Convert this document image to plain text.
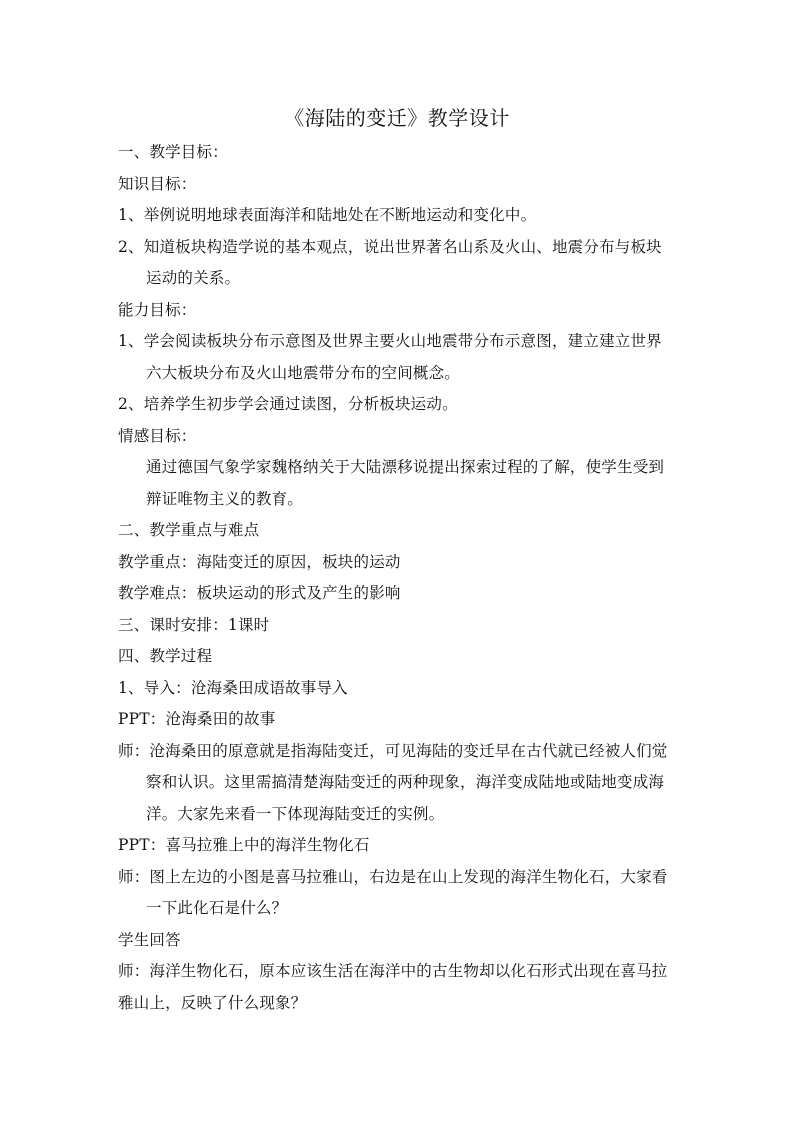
《海陆的变迁》教学设计
一、教学目标：
知识目标：
1、举例说明地球表面海洋和陆地处在不断地运动和变化中。
2、知道板块构造学说的基本观点，说出世界著名山系及火山、地震分布与板块
运动的关系。
能力目标：
1、学会阅读板块分布示意图及世界主要火山地震带分布示意图，建立建立世界
六大板块分布及火山地震带分布的空间概念。
2、培养学生初步学会通过读图，分析板块运动。
情感目标：
通过德国气象学家魏格纳关于大陆漂移说提出探索过程的了解，使学生受到
辩证唯物主义的教育。
二、教学重点与难点
教学重点：海陆变迁的原因，板块的运动
教学难点：板块运动的形式及产生的影响
三、课时安排：1课时
四、教学过程
1、导入：沧海桑田成语故事导入
PPT：沧海桑田的故事
师：沧海桑田的原意就是指海陆变迁，可见海陆的变迁早在古代就已经被人们觉
察和认识。这里需搞清楚海陆变迁的两种现象，海洋变成陆地或陆地变成海
洋。大家先来看一下体现海陆变迁的实例。
PPT：喜马拉雅上中的海洋生物化石
师：图上左边的小图是喜马拉雅山，右边是在山上发现的海洋生物化石，大家看
一下此化石是什么？
学生回答
师：海洋生物化石，原本应该生活在海洋中的古生物却以化石形式出现在喜马拉
雅山上，反映了什么现象？
